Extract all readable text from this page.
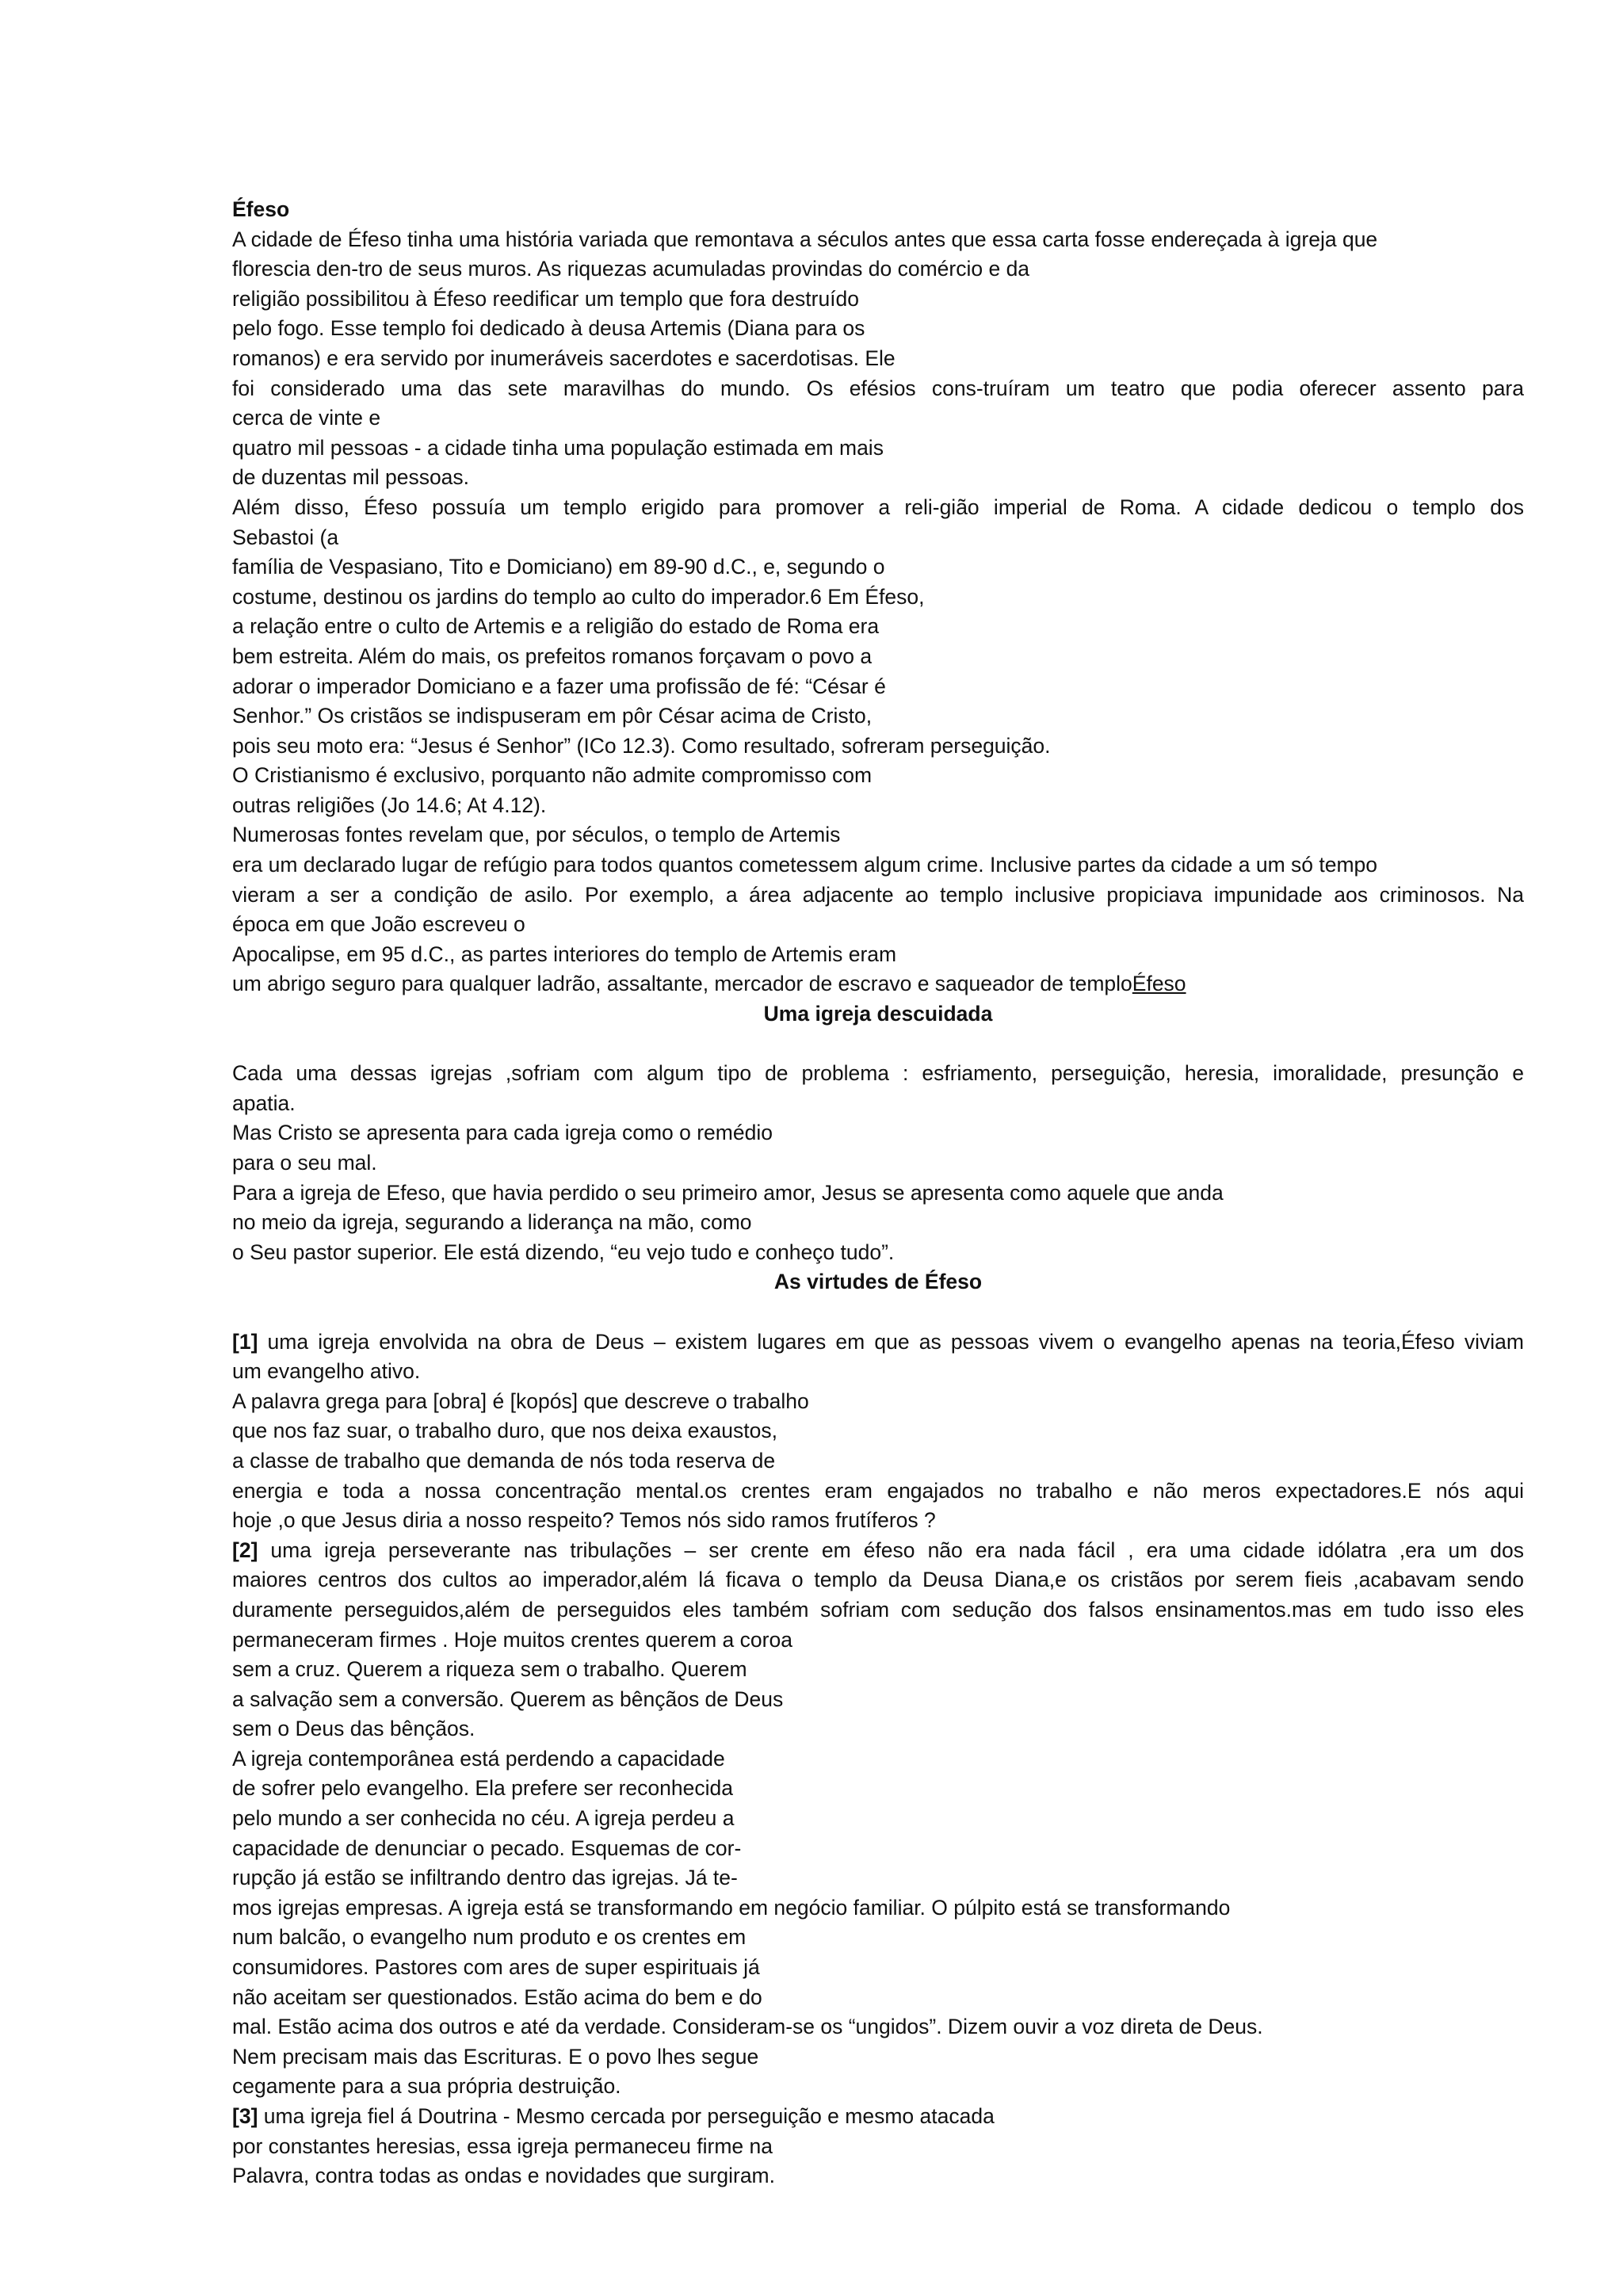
Éfeso
A cidade de Éfeso tinha uma história variada que remontava a séculos antes que essa carta fosse endereçada à igreja que
florescia den-tro de seus muros. As riquezas acumuladas provindas do comércio e da
religião possibilitou à Éfeso reedificar um templo que fora destruído
pelo fogo. Esse templo foi dedicado à deusa Artemis (Diana para os
romanos) e era servido por inumeráveis sacerdotes e sacerdotisas. Ele
foi considerado uma das sete maravilhas do mundo. Os efésios cons-truíram um teatro que podia oferecer assento para
cerca de vinte e
quatro mil pessoas - a cidade tinha uma população estimada em mais
de duzentas mil pessoas.
Além disso, Éfeso possuía um templo erigido para promover a reli-gião imperial de Roma. A cidade dedicou o templo dos
Sebastoi (a
família de Vespasiano, Tito e Domiciano) em 89-90 d.C., e, segundo o
costume, destinou os jardins do templo ao culto do imperador.6 Em Éfeso,
a relação entre o culto de Artemis e a religião do estado de Roma era
bem estreita. Além do mais, os prefeitos romanos forçavam o povo a
adorar o imperador Domiciano e a fazer uma profissão de fé: “César é
Senhor.” Os cristãos se indispuseram em pôr César acima de Cristo,
pois seu moto era: “Jesus é Senhor” (ICo 12.3). Como resultado, sofreram perseguição.
O Cristianismo é exclusivo, porquanto não admite compromisso com
outras religiões (Jo 14.6; At 4.12).
Numerosas fontes revelam que, por séculos, o templo de Artemis
era um declarado lugar de refúgio para todos quantos cometessem algum crime. Inclusive partes da cidade a um só tempo
vieram a ser a condição de asilo. Por exemplo, a área adjacente ao templo inclusive propiciava impunidade aos criminosos. Na
época em que João escreveu o
Apocalipse, em 95 d.C., as partes interiores do templo de Artemis eram
um abrigo seguro para qualquer ladrão, assaltante, mercador de escravo e saqueador de temploÉfeso
Uma igreja descuidada
Cada uma dessas igrejas ,sofriam com algum tipo de problema : esfriamento, perseguição, heresia, imoralidade, presunção e
apatia.
Mas Cristo se apresenta para cada igreja como o remédio
para o seu mal.
Para a igreja de Efeso, que havia perdido o seu primeiro amor, Jesus se apresenta como aquele que anda
no meio da igreja, segurando a liderança na mão, como
o Seu pastor superior. Ele está dizendo, “eu vejo tudo e conheço tudo”.
As virtudes de Éfeso
[1] uma igreja envolvida na obra de Deus – existem lugares em que as pessoas vivem o evangelho apenas na teoria,Éfeso viviam
um evangelho ativo.
A palavra grega para [obra] é [kopós] que descreve o trabalho
que nos faz suar, o trabalho duro, que nos deixa exaustos,
a classe de trabalho que demanda de nós toda reserva de
energia e toda a nossa concentração mental.os crentes eram engajados no trabalho e não meros expectadores.E nós aqui
hoje ,o que Jesus diria a nosso respeito? Temos nós sido ramos frutíferos ?
[2] uma igreja perseverante nas tribulações – ser crente em éfeso não era nada fácil , era uma cidade idólatra ,era um dos
maiores centros dos cultos ao imperador,além lá ficava o templo da Deusa Diana,e os cristãos por serem fieis ,acabavam sendo
duramente perseguidos,além de perseguidos eles também sofriam com sedução dos falsos ensinamentos.mas em tudo isso eles
permaneceram firmes . Hoje muitos crentes querem a coroa
sem a cruz. Querem a riqueza sem o trabalho. Querem
a salvação sem a conversão. Querem as bênçãos de Deus
sem o Deus das bênçãos.
A igreja contemporânea está perdendo a capacidade
de sofrer pelo evangelho. Ela prefere ser reconhecida
pelo mundo a ser conhecida no céu. A igreja perdeu a
capacidade de denunciar o pecado. Esquemas de cor-
rupção já estão se infiltrando dentro das igrejas. Já te-
mos igrejas empresas. A igreja está se transformando em negócio familiar. O púlpito está se transformando
num balcão, o evangelho num produto e os crentes em
consumidores. Pastores com ares de super espirituais já
não aceitam ser questionados. Estão acima do bem e do
mal. Estão acima dos outros e até da verdade. Consideram-se os “ungidos”. Dizem ouvir a voz direta de Deus.
Nem precisam mais das Escrituras. E o povo lhes segue
cegamente para a sua própria destruição.
[3] uma igreja fiel á Doutrina - Mesmo cercada por perseguição e mesmo atacada
por constantes heresias, essa igreja permaneceu firme na
Palavra, contra todas as ondas e novidades que surgiram.
